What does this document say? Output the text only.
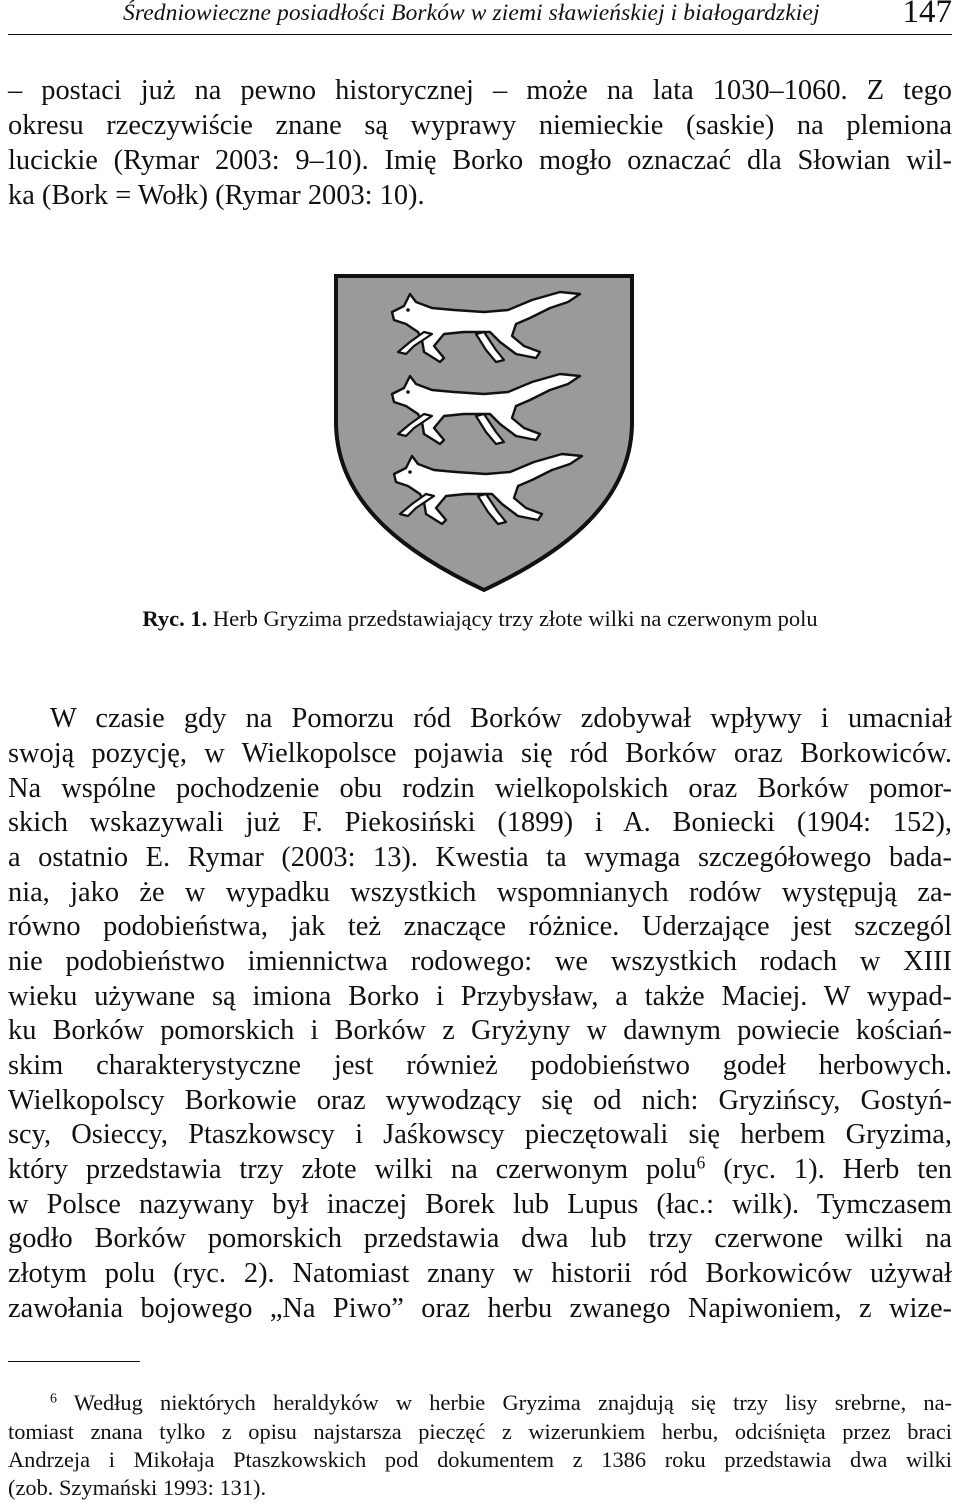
Średniowieczne posiadłości Borków w ziemi sławieńskiej i białogardzkiej	147
– postaci już na pewno historycznej – może na lata 1030–1060. Z tego
okresu rzeczywiście znane są wyprawy niemieckie (saskie) na plemiona
lucickie (Rymar 2003: 9–10). Imię Borko mogło oznaczać dla Słowian wil-
ka (Bork = Wołk) (Rymar 2003: 10).
Ryc. 1. Herb Gryzima przedstawiający trzy złote wilki na czerwonym polu
W czasie gdy na Pomorzu ród Borków zdobywał wpływy i umacniał
swoją pozycję, w Wielkopolsce pojawia się ród Borków oraz Borkowiców.
Na wspólne pochodzenie obu rodzin wielkopolskich oraz Borków pomor-
skich wskazywali już F. Piekosiński (1899) i A. Boniecki (1904: 152),
a ostatnio E. Rymar (2003: 13). Kwestia ta wymaga szczegółowego bada-
nia, jako że w wypadku wszystkich wspomnianych rodów występują za-
równo podobieństwa, jak też znaczące różnice. Uderzające jest szczegól
nie podobieństwo imiennictwa rodowego: we wszystkich rodach w XIII
wieku używane są imiona Borko i Przybysław, a także Maciej. W wypad-
ku Borków pomorskich i Borków z Gryżyny w dawnym powiecie kościań-
skim charakterystyczne jest również podobieństwo godeł herbowych.
Wielkopolscy Borkowie oraz wywodzący się od nich: Gryzińscy, Gostyń-
scy, Osieccy, Ptaszkowscy i Jaśkowscy pieczętowali się herbem Gryzima,
który przedstawia trzy złote wilki na czerwonym polu$^6$ (ryc. 1). Herb ten
w Polsce nazywany był inaczej Borek lub Lupus (łac.: wilk). Tymczasem
godło Borków pomorskich przedstawia dwa lub trzy czerwone wilki na
złotym polu (ryc. 2). Natomiast znany w historii ród Borkowiców używał
zawołania bojowego „Na Piwo” oraz herbu zwanego Napiwoniem, z wize-
$^6$ Według niektórych heraldyków w herbie Gryzima znajdują się trzy lisy srebrne, na-
tomiast znana tylko z opisu najstarsza pieczęć z wizerunkiem herbu, odciśnięta przez braci
Andrzeja i Mikołaja Ptaszkowskich pod dokumentem z 1386 roku przedstawia dwa wilki
(zob. Szymański 1993: 131).
